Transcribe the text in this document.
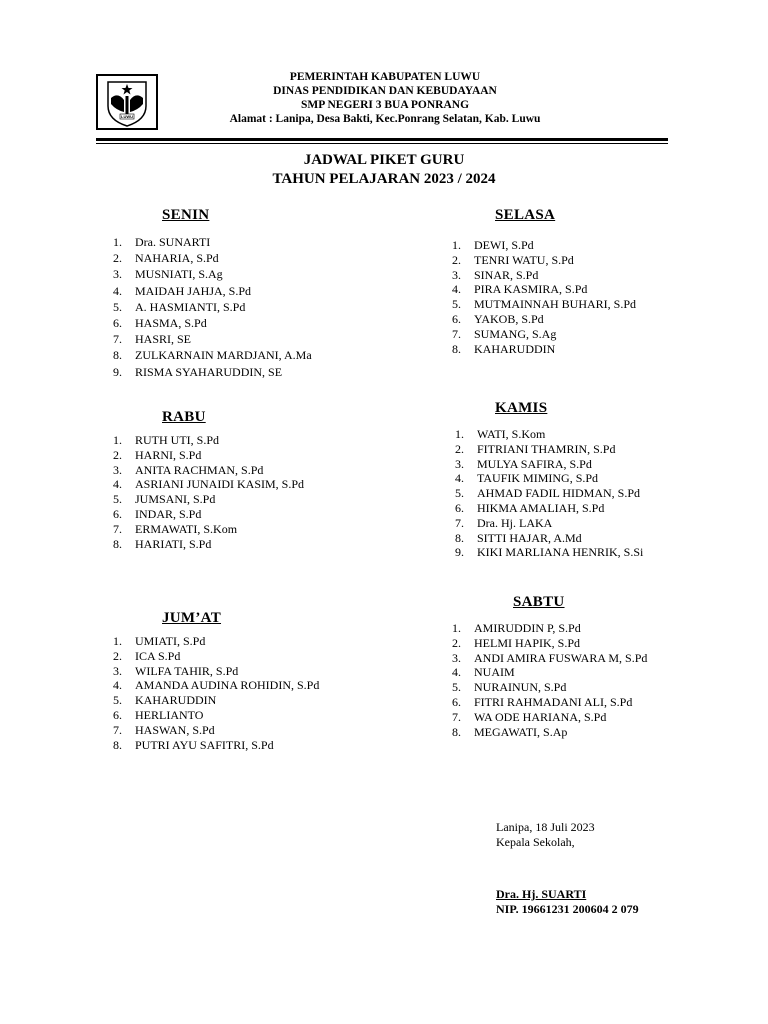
LUWU
PEMERINTAH KABUPATEN LUWU
DINAS PENDIDIKAN DAN KEBUDAYAAN
SMP NEGERI 3 BUA PONRANG
Alamat : Lanipa, Desa Bakti, Kec.Ponrang Selatan, Kab. Luwu
JADWAL PIKET GURU
TAHUN PELAJARAN 2023 / 2024
SENIN
1.	Dra. SUNARTI
2.	NAHARIA, S.Pd
3.	MUSNIATI, S.Ag
4.	MAIDAH JAHJA, S.Pd
5.	A. HASMIANTI, S.Pd
6.	HASMA, S.Pd
7.	HASRI, SE
8.	ZULKARNAIN MARDJANI, A.Ma
9.	RISMA SYAHARUDDIN, SE
SELASA
1.	DEWI, S.Pd
2.	TENRI WATU, S.Pd
3.	SINAR, S.Pd
4.	PIRA KASMIRA, S.Pd
5.	MUTMAINNAH BUHARI, S.Pd
6.	YAKOB, S.Pd
7.	SUMANG, S.Ag
8.	KAHARUDDIN
RABU
1.	RUTH UTI, S.Pd
2.	HARNI, S.Pd
3.	ANITA RACHMAN, S.Pd
4.	ASRIANI JUNAIDI KASIM, S.Pd
5.	JUMSANI, S.Pd
6.	INDAR, S.Pd
7.	ERMAWATI, S.Kom
8.	HARIATI, S.Pd
KAMIS
1.	WATI, S.Kom
2.	FITRIANI THAMRIN, S.Pd
3.	MULYA SAFIRA, S.Pd
4.	TAUFIK MIMING, S.Pd
5.	AHMAD FADIL HIDMAN, S.Pd
6.	HIKMA AMALIAH, S.Pd
7.	Dra. Hj. LAKA
8.	SITTI HAJAR, A.Md
9.	KIKI MARLIANA HENRIK, S.Si
JUM’AT
1.	UMIATI, S.Pd
2.	ICA S.Pd
3.	WILFA TAHIR, S.Pd
4.	AMANDA AUDINA ROHIDIN, S.Pd
5.	KAHARUDDIN
6.	HERLIANTO
7.	HASWAN, S.Pd
8.	PUTRI AYU SAFITRI, S.Pd
SABTU
1.	AMIRUDDIN P, S.Pd
2.	HELMI HAPIK, S.Pd
3.	ANDI AMIRA FUSWARA M, S.Pd
4.	NUAIM
5.	NURAINUN, S.Pd
6.	FITRI RAHMADANI ALI, S.Pd
7.	WA ODE HARIANA, S.Pd
8.	MEGAWATI, S.Ap
Lanipa, 18 Juli 2023
Kepala Sekolah,
Dra. Hj. SUARTI
NIP. 19661231 200604 2 079
